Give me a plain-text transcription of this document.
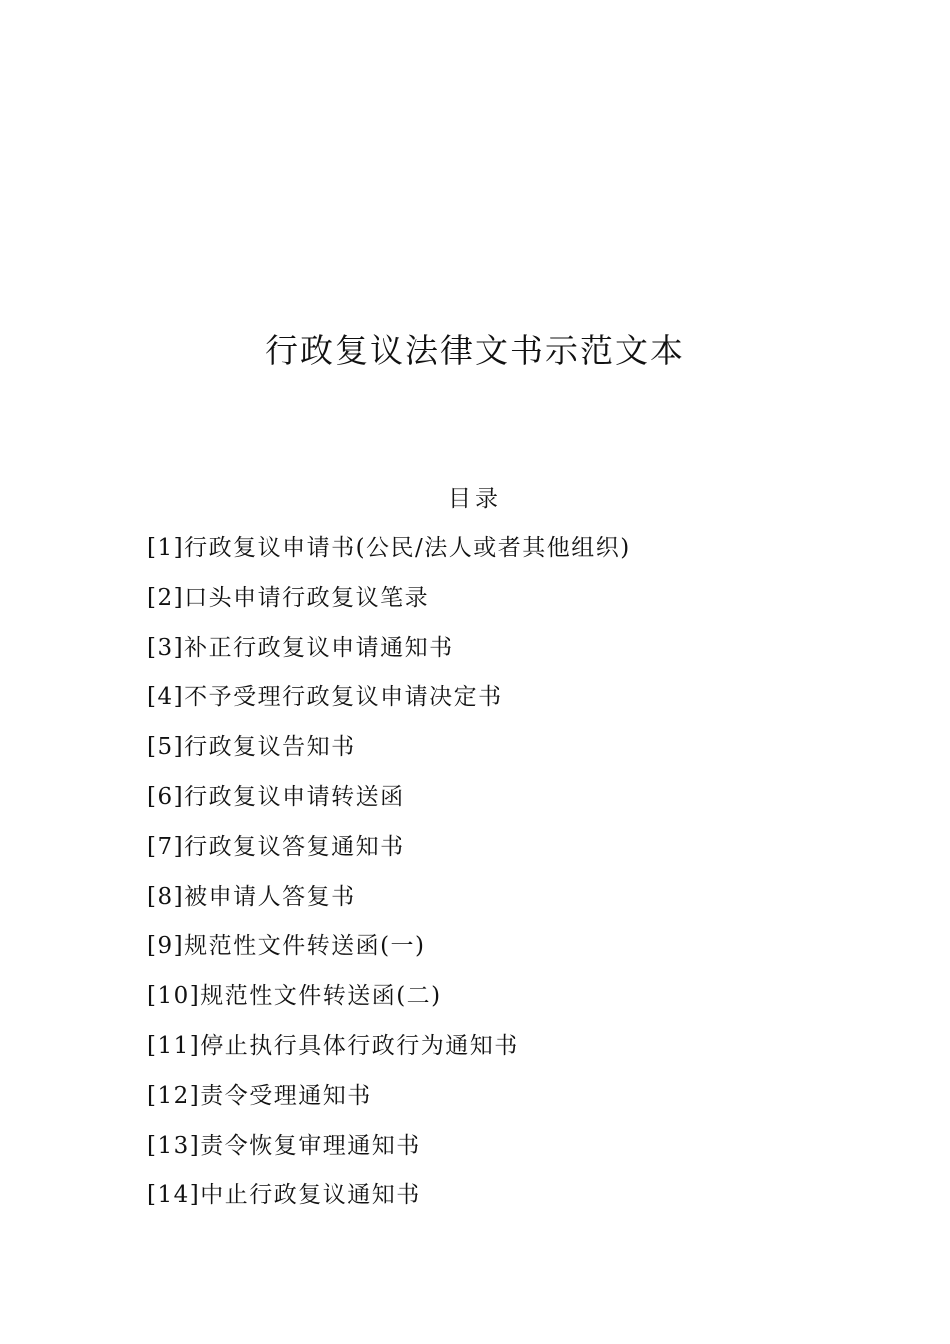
行政复议法律文书示范文本
目录
[1]行政复议申请书(公民/法人或者其他组织)
[2]口头申请行政复议笔录
[3]补正行政复议申请通知书
[4]不予受理行政复议申请决定书
[5]行政复议告知书
[6]行政复议申请转送函
[7]行政复议答复通知书
[8]被申请人答复书
[9]规范性文件转送函(一)
[10]规范性文件转送函(二)
[11]停止执行具体行政行为通知书
[12]责令受理通知书
[13]责令恢复审理通知书
[14]中止行政复议通知书
